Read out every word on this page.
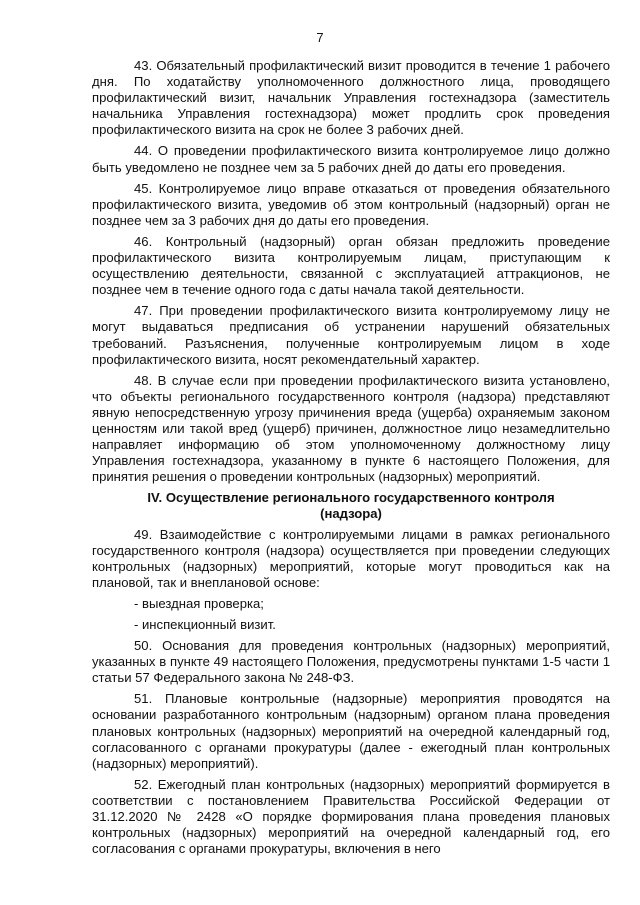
7

43. Обязательный профилактический визит проводится в течение 1 рабочего дня. По ходатайству уполномоченного должностного лица, проводящего профилактический визит, начальник Управления гостехнадзора (заместитель начальника Управления гостехнадзора) может продлить срок проведения профилактического визита на срок не более 3 рабочих дней.

44. О проведении профилактического визита контролируемое лицо должно быть уведомлено не позднее чем за 5 рабочих дней до даты его проведения.

45. Контролируемое лицо вправе отказаться от проведения обязательного профилактического визита, уведомив об этом контрольный (надзорный) орган не позднее чем за 3 рабочих дня до даты его проведения.

46. Контрольный (надзорный) орган обязан предложить проведение профилактического визита контролируемым лицам, приступающим к осуществлению деятельности, связанной с эксплуатацией аттракционов, не позднее чем в течение одного года с даты начала такой деятельности.

47. При проведении профилактического визита контролируемому лицу не могут выдаваться предписания об устранении нарушений обязательных требований. Разъяснения, полученные контролируемым лицом в ходе профилактического визита, носят рекомендательный характер.

48. В случае если при проведении профилактического визита установлено, что объекты регионального государственного контроля (надзора) представляют явную непосредственную угрозу причинения вреда (ущерба) охраняемым законом ценностям или такой вред (ущерб) причинен, должностное лицо незамедлительно направляет информацию об этом уполномоченному должностному лицу Управления гостехнадзора, указанному в пункте 6 настоящего Положения, для принятия решения о проведении контрольных (надзорных) мероприятий.

IV. Осуществление регионального государственного контроля
(надзора)

49. Взаимодействие с контролируемыми лицами в рамках регионального государственного контроля (надзора) осуществляется при проведении следующих контрольных (надзорных) мероприятий, которые могут проводиться как на плановой, так и внеплановой основе:

- выездная проверка;

- инспекционный визит.

50. Основания для проведения контрольных (надзорных) мероприятий, указанных в пункте 49 настоящего Положения, предусмотрены пунктами 1-5 части 1 статьи 57 Федерального закона № 248-ФЗ.

51. Плановые контрольные (надзорные) мероприятия проводятся на основании разработанного контрольным (надзорным) органом плана проведения плановых контрольных (надзорных) мероприятий на очередной календарный год, согласованного с органами прокуратуры (далее - ежегодный план контрольных (надзорных) мероприятий).

52. Ежегодный план контрольных (надзорных) мероприятий формируется в соответствии с постановлением Правительства Российской Федерации от 31.12.2020 № 2428 «О порядке формирования плана проведения плановых контрольных (надзорных) мероприятий на очередной календарный год, его согласования с органами прокуратуры, включения в него
